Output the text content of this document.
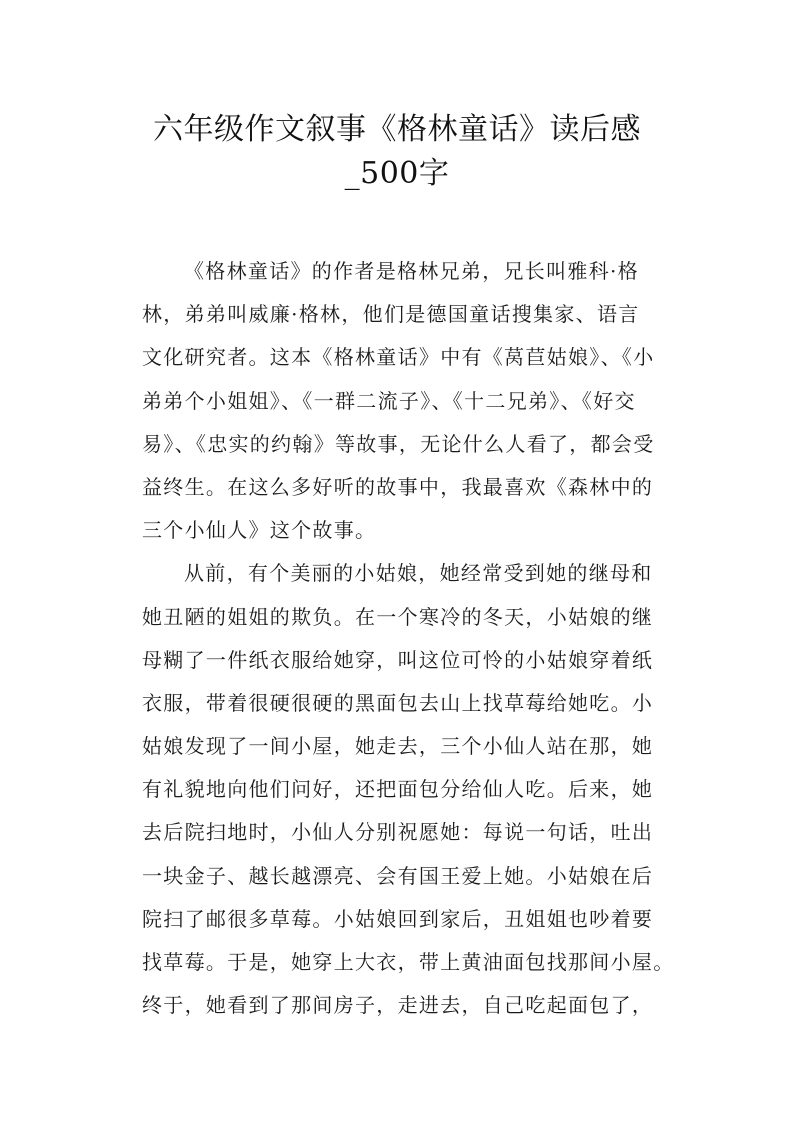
六年级作文叙事《格林童话》读后感_500字

《格林童话》的作者是格林兄弟，兄长叫雅科·格

林，弟弟叫威廉·格林，他们是德国童话搜集家、语言

文化研究者。这本《格林童话》中有《莴苣姑娘》、《小

弟弟个小姐姐》、《一群二流子》、《十二兄弟》、《好交

易》、《忠实的约翰》等故事，无论什么人看了，都会受

益终生。在这么多好听的故事中，我最喜欢《森林中的

三个小仙人》这个故事。

从前，有个美丽的小姑娘，她经常受到她的继母和

她丑陋的姐姐的欺负。在一个寒冷的冬天，小姑娘的继

母糊了一件纸衣服给她穿，叫这位可怜的小姑娘穿着纸

衣服，带着很硬很硬的黑面包去山上找草莓给她吃。小

姑娘发现了一间小屋，她走去，三个小仙人站在那，她

有礼貌地向他们问好，还把面包分给仙人吃。后来，她

去后院扫地时，小仙人分别祝愿她：每说一句话，吐出

一块金子、越长越漂亮、会有国王爱上她。小姑娘在后

院扫了邮很多草莓。小姑娘回到家后，丑姐姐也吵着要

找草莓。于是，她穿上大衣，带上黄油面包找那间小屋。

终于，她看到了那间房子，走进去，自己吃起面包了，
